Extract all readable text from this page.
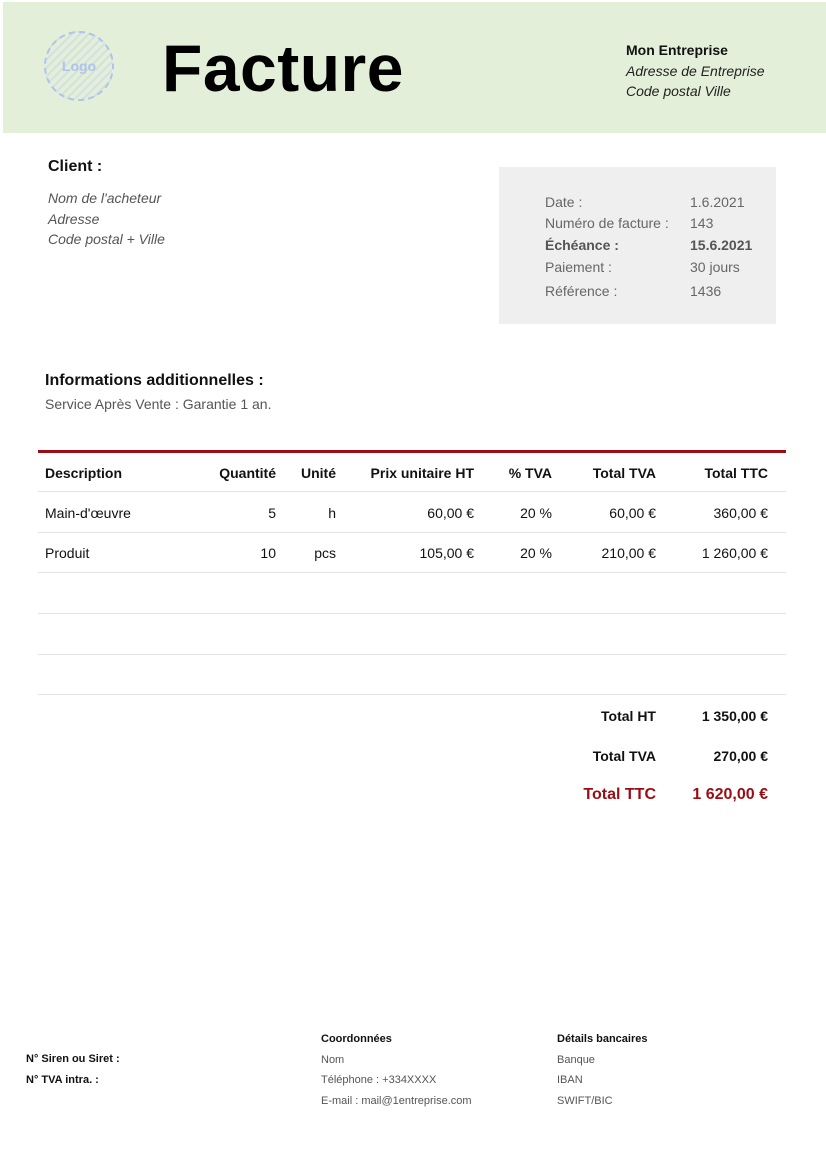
Logo Facture	Mon Entreprise
Adresse de Entreprise
Code postal Ville
Client :
Nom de l'acheteur
Adresse
Code postal + Ville
Date :	1.6.2021
Numéro de facture : 143
Échéance :	15.6.2021
Paiement :	30 jours
Référence :	1436
Informations additionnelles :
Service Après Vente : Garantie 1 an.
Description	Quantité	Unité	Prix unitaire HT	% TVA	Total TVA	Total TTC
Main-d'œuvre	5	h	60,00 €	20 %	60,00 €	360,00 €
Produit	10	pcs	105,00 €	20 %	210,00 €	1 260,00 €
Total HT	1 350,00 €
Total TVA	270,00 €
Total TTC	1 620,00 €
N° Siren ou Siret :
N° TVA intra. :
Coordonnées
Nom
Téléphone : +334XXXX
E-mail : mail@1entreprise.com
Détails bancaires
Banque
IBAN
SWIFT/BIC
